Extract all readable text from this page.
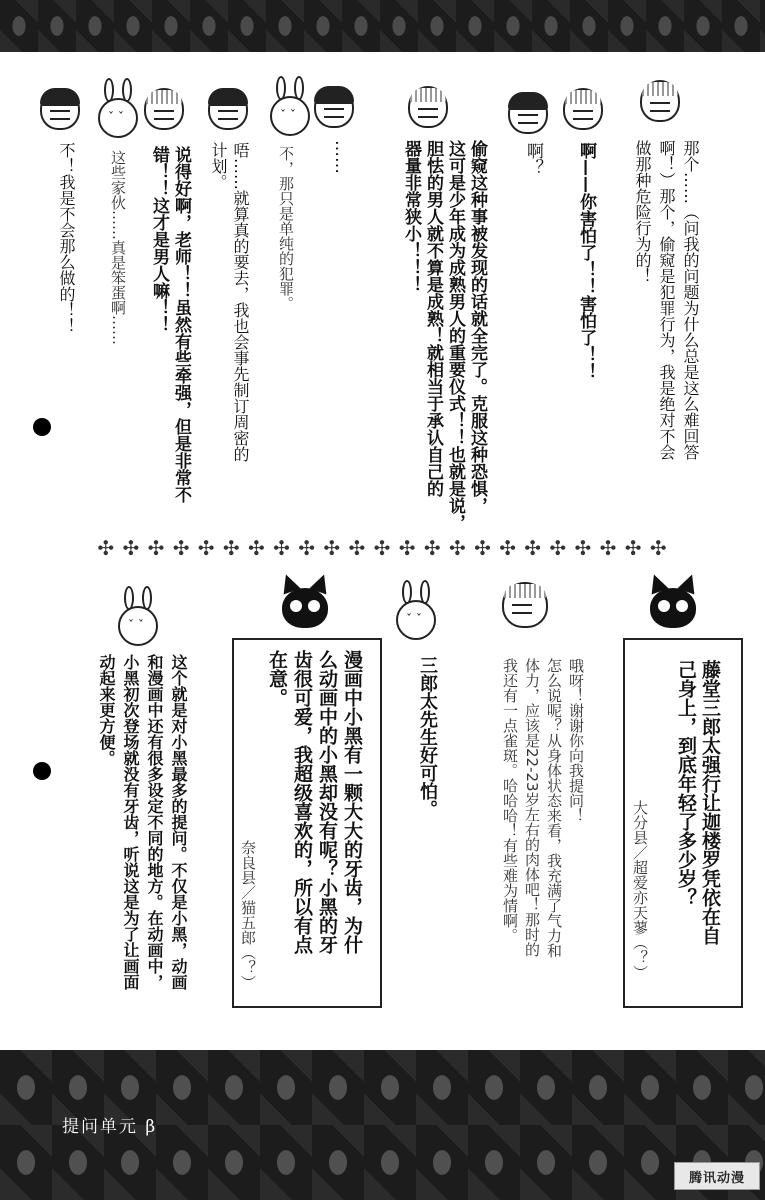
ˇ ˇ
ˇ ˇ
那个……（问我的问题为什么总是这么难回答
啊！）那个，偷窥是犯罪行为，我是绝对不会
做那种危险行为的！
啊——你害怕了！！害怕了！！
啊？
偷窥这种事被发现的话就全完了。克服这种恐惧，
这可是少年成为成熟男人的重要仪式！！也就是说，
胆怯的男人就不算是成熟！就相当于承认自己的
器量非常狭小！！！
……
不，那只是单纯的犯罪。
唔……就算真的要去，我也会事先制订周密的
计划。
说得好啊，老师！！虽然有些牵强，但是非常不
错！！这才是男人嘛！！
这些家伙……真是笨蛋啊……
不！我是不会那么做的！！
✣ ✣ ✣ ✣ ✣ ✣ ✣ ✣ ✣ ✣ ✣ ✣ ✣ ✣ ✣ ✣ ✣ ✣ ✣ ✣ ✣ ✣ ✣
藤堂三郎太强行让迦楼罗凭依在自
己身上，到底年轻了多少岁？
大分县／超爱亦天蓼（？）
哦呀！谢谢你向我提问！
怎么说呢？从身体状态来看，我充满了气力和
体力，应该是22-23岁左右的肉体吧！那时的
我还有一点雀斑。哈哈哈！有些难为情啊。
ˇ ˇ
三郎太先生好可怕。
漫画中小黑有一颗大大的牙齿，为什
么动画中的小黑却没有呢？小黑的牙
齿很可爱，我超级喜欢的，所以有点
在意。
奈良县／猫五郎（？）
ˇ ˇ
这个就是对小黑最多的提问。不仅是小黑，动画
和漫画中还有很多设定不同的地方。在动画中，
小黑初次登场就没有牙齿，听说这是为了让画面
动起来更方便。
提问单元 β
腾讯动漫
